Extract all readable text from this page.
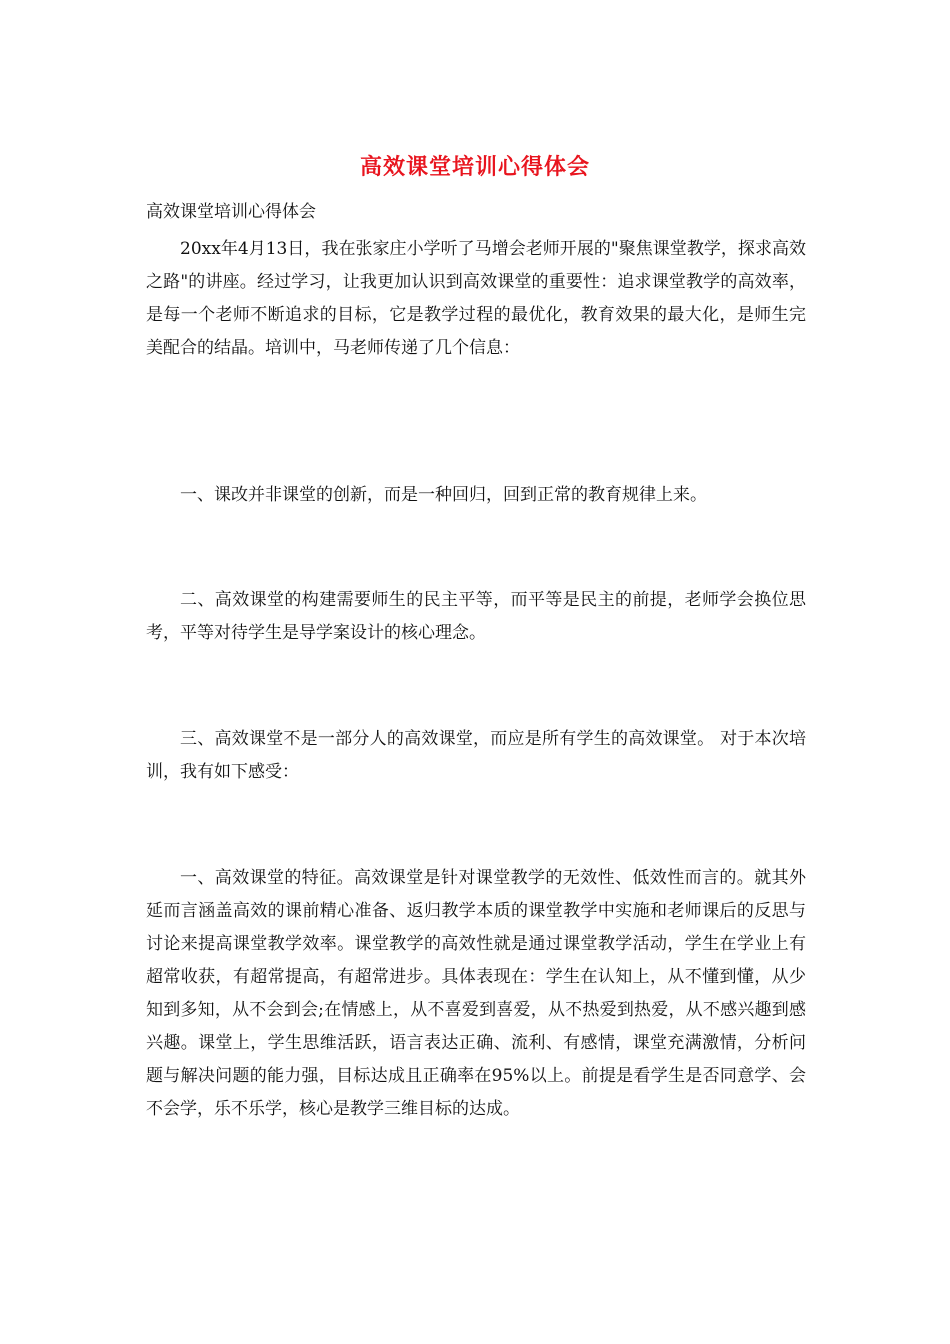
高效课堂培训心得体会
高效课堂培训心得体会

20xx年4月13日，我在张家庄小学听了马增会老师开展的"聚焦课堂教学，探求高效之路"的讲座。经过学习，让我更加认识到高效课堂的重要性：追求课堂教学的高效率，是每一个老师不断追求的目标，它是教学过程的最优化，教育效果的最大化，是师生完美配合的结晶。培训中，马老师传递了几个信息：

一、课改并非课堂的创新，而是一种回归，回到正常的教育规律上来。

二、高效课堂的构建需要师生的民主平等，而平等是民主的前提，老师学会换位思考，平等对待学生是导学案设计的核心理念。

三、高效课堂不是一部分人的高效课堂，而应是所有学生的高效课堂。 对于本次培训，我有如下感受：

一、高效课堂的特征。高效课堂是针对课堂教学的无效性、低效性而言的。就其外延而言涵盖高效的课前精心准备、返归教学本质的课堂教学中实施和老师课后的反思与讨论来提高课堂教学效率。课堂教学的高效性就是通过课堂教学活动，学生在学业上有超常收获，有超常提高，有超常进步。具体表现在：学生在认知上，从不懂到懂，从少知到多知，从不会到会;在情感上，从不喜爱到喜爱，从不热爱到热爱，从不感兴趣到感兴趣。课堂上，学生思维活跃，语言表达正确、流利、有感情，课堂充满激情，分析问题与解决问题的能力强，目标达成且正确率在95%以上。前提是看学生是否同意学、会不会学，乐不乐学，核心是教学三维目标的达成。
